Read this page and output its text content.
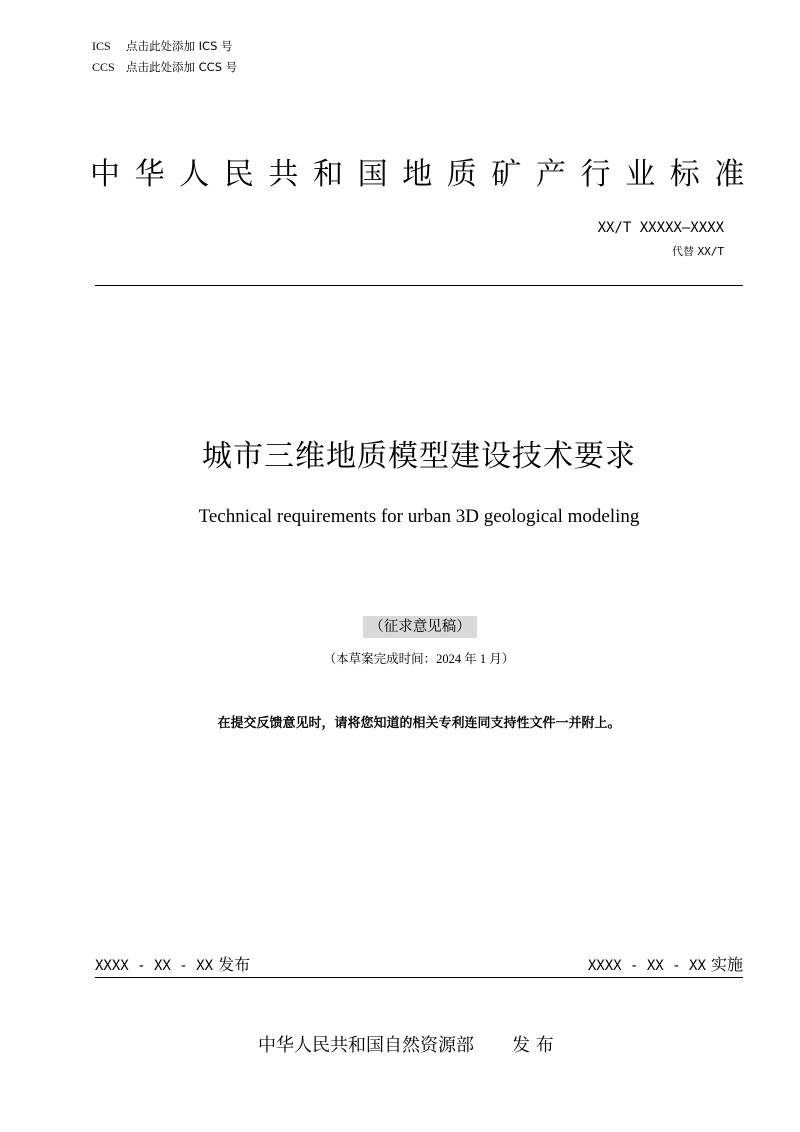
ICS 点击此处添加 ICS 号
CCS 点击此处添加 CCS 号
中华人民共和国地质矿产行业标准
XX/T XXXXX—XXXX
代替 XX/T
城市三维地质模型建设技术要求
Technical requirements for urban 3D geological modeling
（征求意见稿）
（本草案完成时间：2024 年 1 月）
在提交反馈意见时，请将您知道的相关专利连同支持性文件一并附上。
XXXX - XX - XX 发布	XXXX - XX - XX 实施
中华人民共和国自然资源部 发 布
